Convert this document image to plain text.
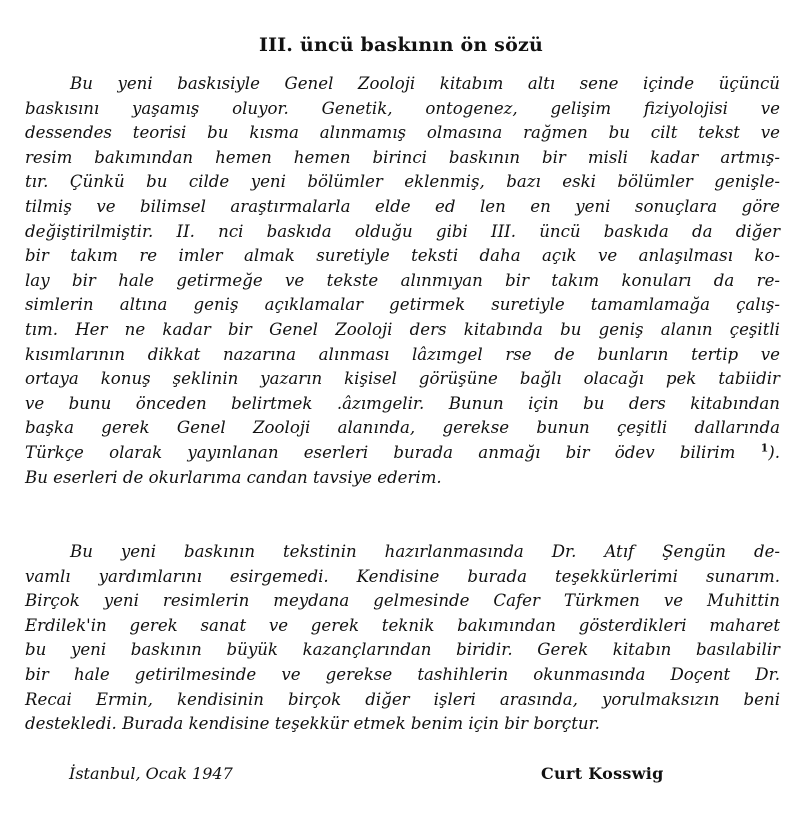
III. üncü baskının ön sözü
Bu yeni baskısiyle Genel Zooloji kitabım altı sene içinde üçüncü
baskısını yaşamış oluyor. Genetik, ontogenez, gelişim fiziyolojisi ve
dessendes teorisi bu kısma alınmamış olmasına rağmen bu cilt tekst ve
resim bakımından hemen hemen birinci baskının bir misli kadar artmış-
tır. Çünkü bu cilde yeni bölümler eklenmiş, bazı eski bölümler genişle-
tilmiş ve bilimsel araştırmalarla elde ed len en yeni sonuçlara göre
değiştirilmiştir. II. nci baskıda olduğu gibi III. üncü baskıda da diğer
bir takım re imler almak suretiyle teksti daha açık ve anlaşılması ko-
lay bir hale getirmeğe ve tekste alınmıyan bir takım konuları da re-
simlerin altına geniş açıklamalar getirmek suretiyle tamamlamağa çalış-
tım. Her ne kadar bir Genel Zooloji ders kitabında bu geniş alanın çeşitli
kısımlarının dikkat nazarına alınması lâzımgel rse de bunların tertip ve
ortaya konuş şeklinin yazarın kişisel görüşüne bağlı olacağı pek tabiidir
ve bunu önceden belirtmek .âzımgelir. Bunun için bu ders kitabından
başka gerek Genel Zooloji alanında, gerekse bunun çeşitli dallarında
Türkçe olarak yayınlanan eserleri burada anmağı bir ödev bilirim $^1$).
Bu eserleri de okurlarıma candan tavsiye ederim.
Bu yeni baskının tekstinin hazırlanmasında Dr. Atıf Şengün de-
vamlı yardımlarını esirgemedi. Kendisine burada teşekkürlerimi sunarım.
Birçok yeni resimlerin meydana gelmesinde Cafer Türkmen ve Muhittin
Erdilek'in gerek sanat ve gerek teknik bakımından gösterdikleri maharet
bu yeni baskının büyük kazançlarından biridir. Gerek kitabın basılabilir
bir hale getirilmesinde ve gerekse tashihlerin okunmasında Doçent Dr.
Recai Ermin, kendisinin birçok diğer işleri arasında, yorulmaksızın beni
destekledi. Burada kendisine teşekkür etmek benim için bir borçtur.
İstanbul, Ocak 1947	Curt Kosswig
